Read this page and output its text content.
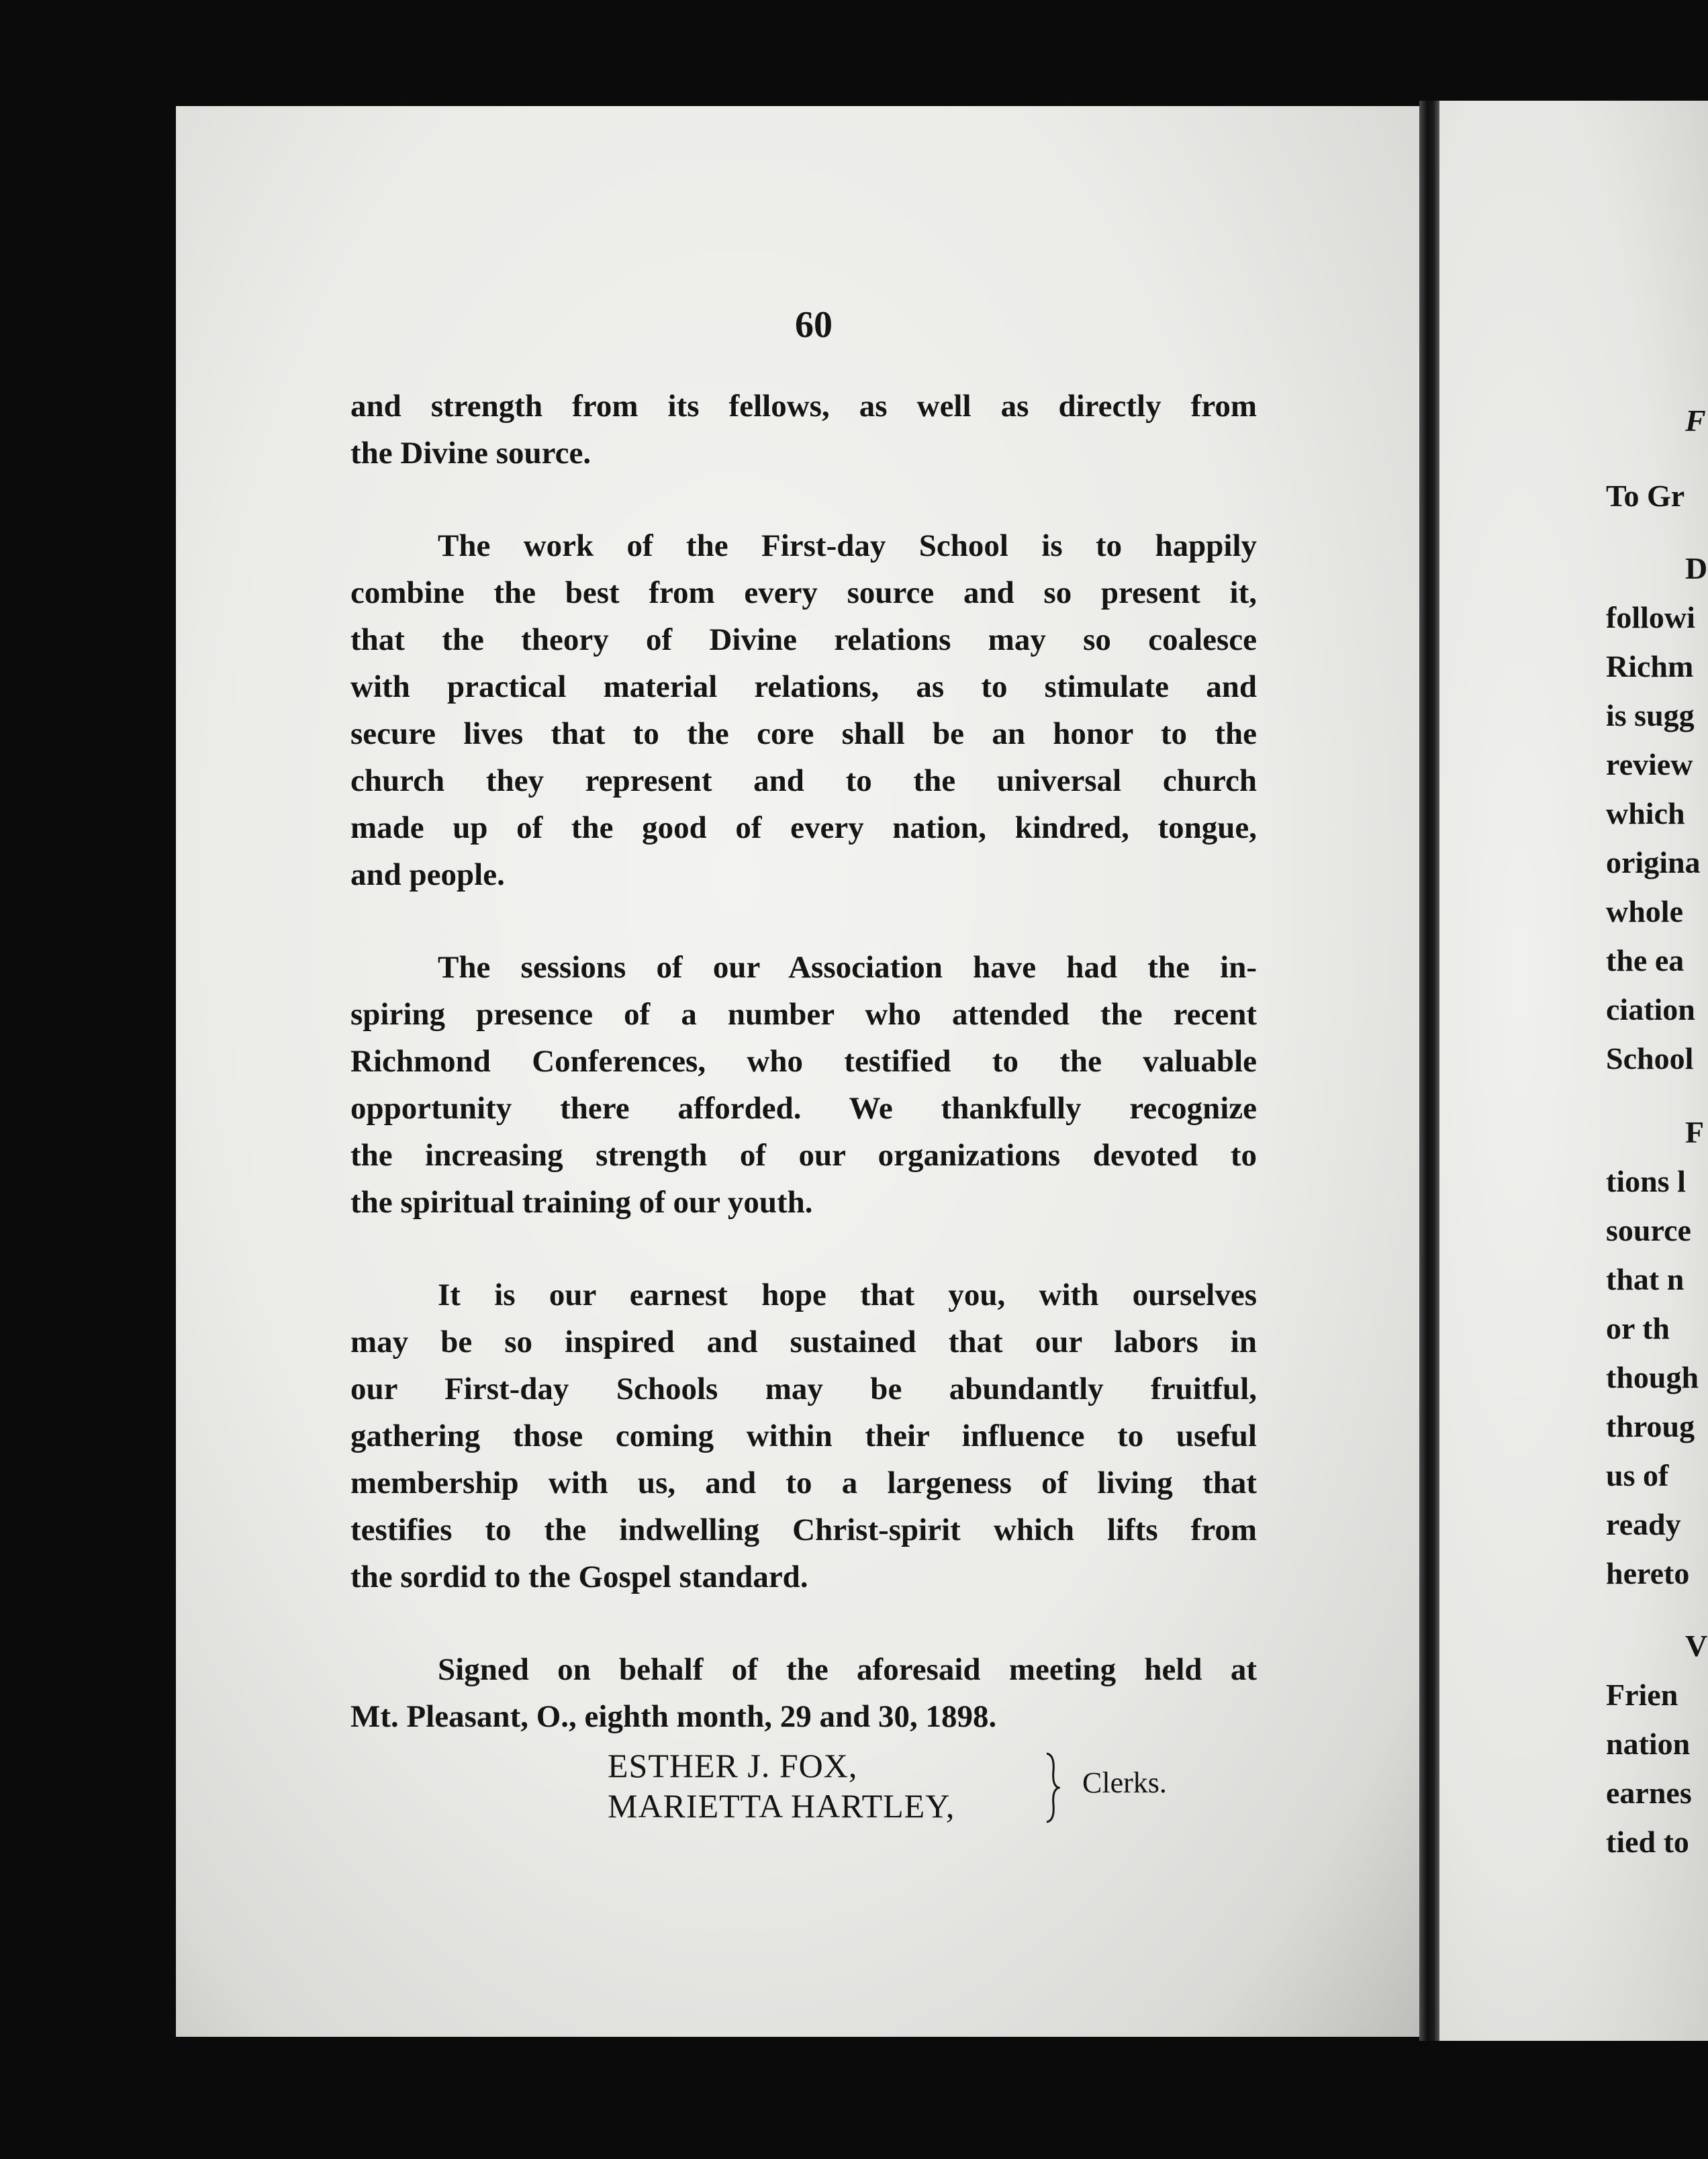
60
and strength from its fellows, as well as directly from
the Divine source.
The work of the First-day School is to happily
combine the best from every source and so present it,
that the theory of Divine relations may so coalesce
with practical material relations, as to stimulate and
secure lives that to the core shall be an honor to the
church they represent and to the universal church
made up of the good of every nation, kindred, tongue,
and people.
The sessions of our Association have had the in-
spiring presence of a number who attended the recent
Richmond Conferences, who testified to the valuable
opportunity there afforded. We thankfully recognize
the increasing strength of our organizations devoted to
the spiritual training of our youth.
It is our earnest hope that you, with ourselves
may be so inspired and sustained that our labors in
our First-day Schools may be abundantly fruitful,
gathering those coming within their influence to useful
membership with us, and to a largeness of living that
testifies to the indwelling Christ-spirit which lifts from
the sordid to the Gospel standard.
Signed on behalf of the aforesaid meeting held at
Mt. Pleasant, O., eighth month, 29 and 30, 1898.
ESTHER J. FOX,
MARIETTA HARTLEY,
Clerks.
F
To Gr
D
followi
Richm
is sugg
review
which
origina
whole
the ea
ciation
School
F
tions l
source
that n
or th
though
throug
us of
ready
hereto
V
Frien
nation
earnes
tied to
